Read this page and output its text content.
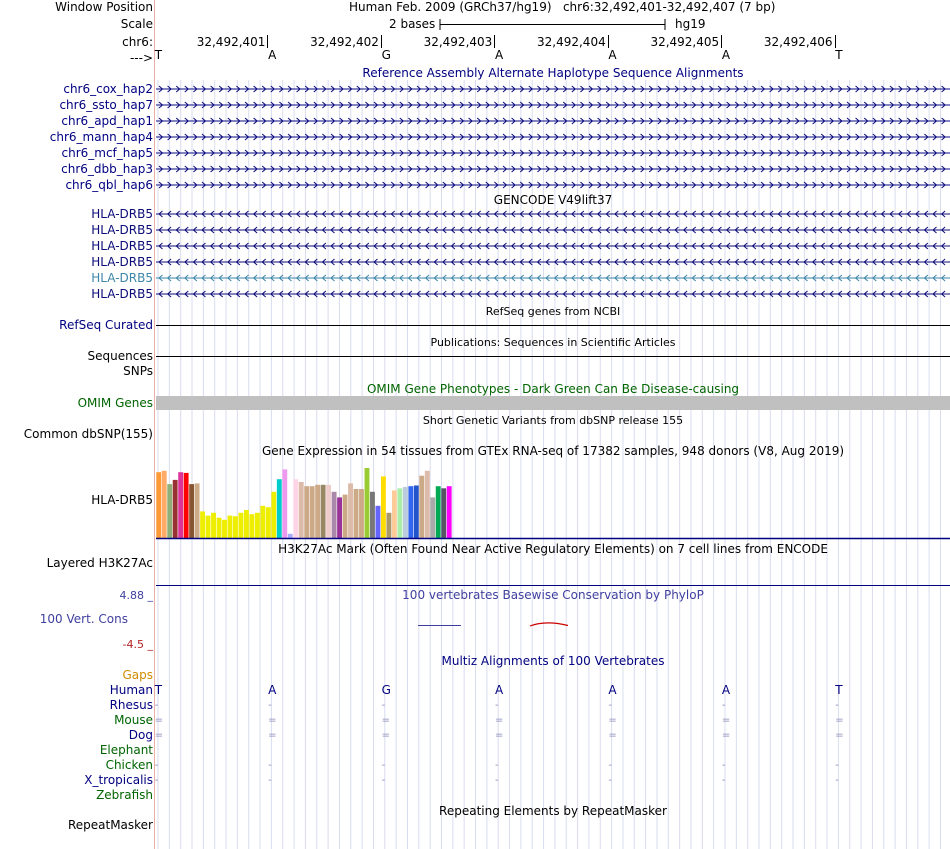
Window Position	Human Feb. 2009 (GRCh37/hg19)   chr6:32,492,401-32,492,407 (7 bp)
Scale	2 bases	hg19
chr6:
--->
Reference Assembly Alternate Haplotype Sequence Alignments
GENCODE V49lift37
RefSeq genes from NCBI
RefSeq Curated
Publications: Sequences in Scientific Articles
Sequences
SNPs
OMIM Gene Phenotypes - Dark Green Can Be Disease-causing
OMIM Genes
Short Genetic Variants from dbSNP release 155
Common dbSNP(155)
Gene Expression in 54 tissues from GTEx RNA-seq of 17382 samples, 948 donors (V8, Aug 2019)
HLA-DRB5
H3K27Ac Mark (Often Found Near Active Regulatory Elements) on 7 cell lines from ENCODE
Layered H3K27Ac
100 vertebrates Basewise Conservation by PhyloP
4.88 _
100 Vert. Cons
-4.5 _
Multiz Alignments of 100 Vertebrates
Repeating Elements by RepeatMasker
RepeatMasker
32,492,401	32,492,402	32,492,403	32,492,404	32,492,405	32,492,406
T	A	G	A	A	A	T
chr6_cox_hap2
chr6_ssto_hap7
chr6_apd_hap1
chr6_mann_hap4
chr6_mcf_hap5
chr6_dbb_hap3
chr6_qbl_hap6
HLA-DRB5
HLA-DRB5
HLA-DRB5
HLA-DRB5
HLA-DRB5
HLA-DRB5
Gaps
Human T	A	G	A	A	A	T
Rhesus -	-	-	-	-	-	-
Mouse =	=	=	=	=	=	=
Dog =	=	=	=	=	=	=
Elephant
Chicken -	-	-	-	-	-	-
X_tropicalis -	-	-	-	-	-	-
Zebrafish
